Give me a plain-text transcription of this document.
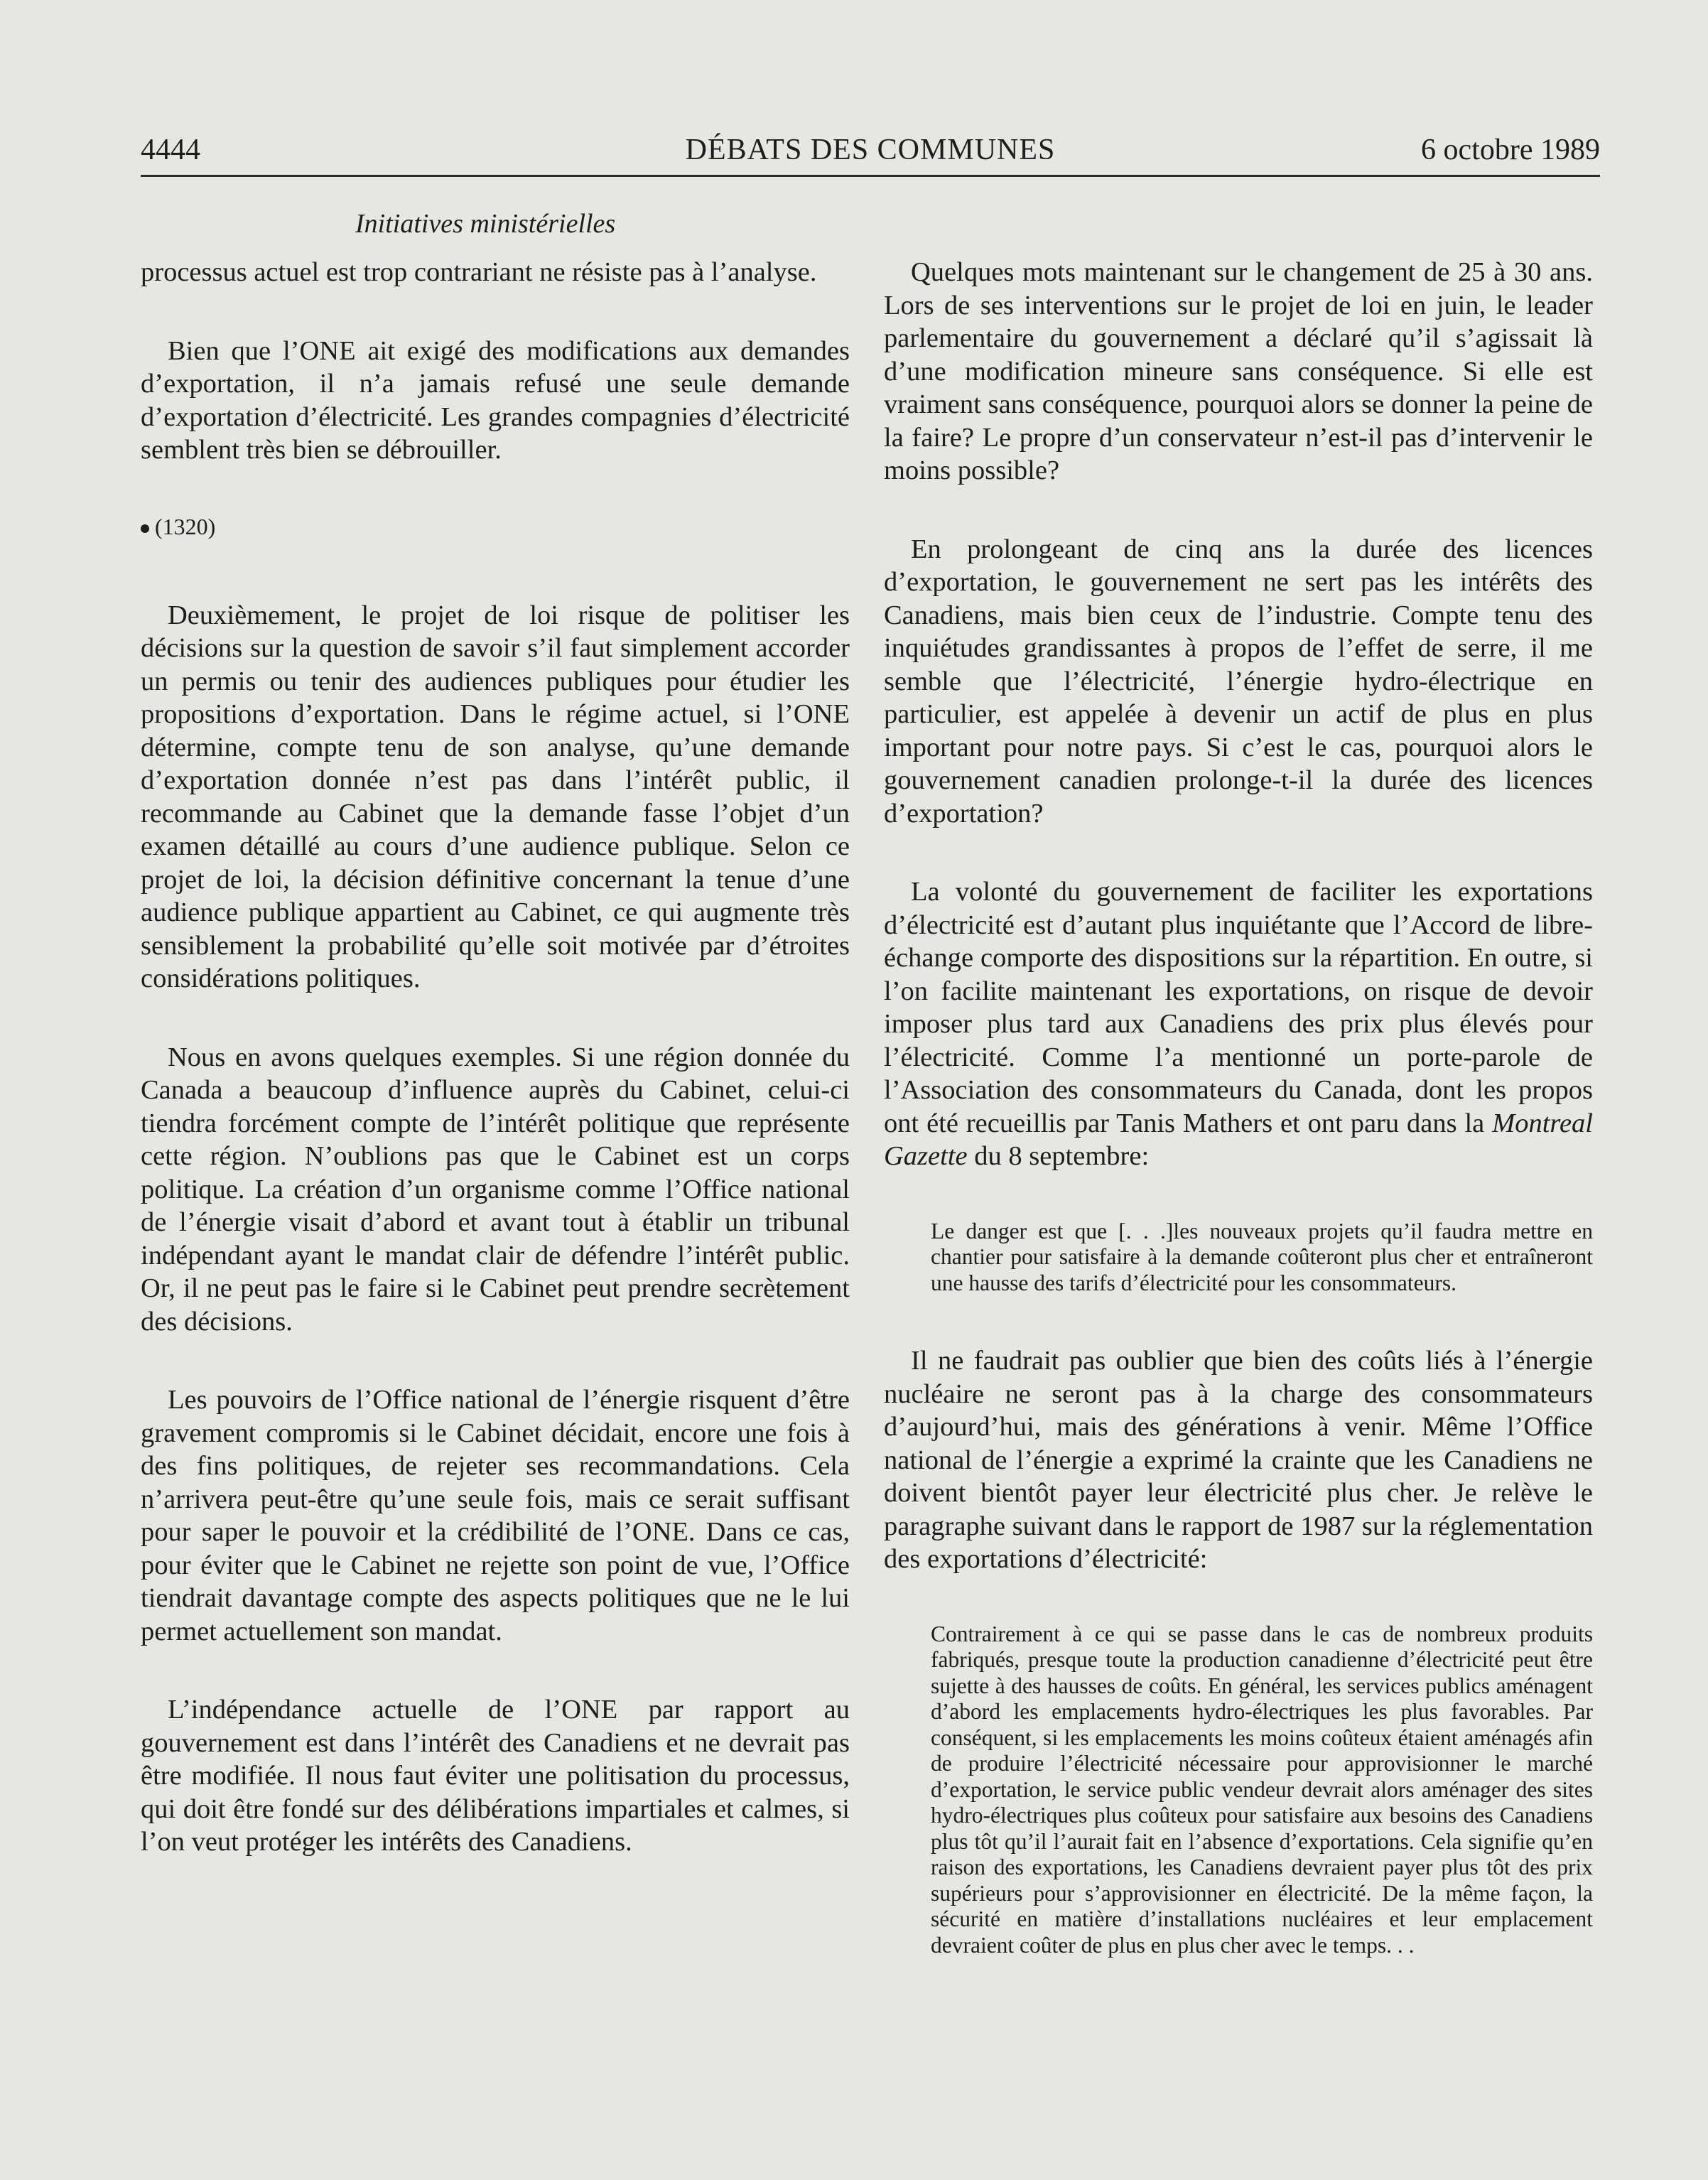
4444	DÉBATS DES COMMUNES	6 octobre 1989
Initiatives ministérielles

processus actuel est trop contrariant ne résiste pas à l’analyse.

Bien que l’ONE ait exigé des modifications aux demandes d’exportation, il n’a jamais refusé une seule demande d’exportation d’électricité. Les grandes compagnies d’électricité semblent très bien se débrouiller.

(1320)

Deuxièmement, le projet de loi risque de politiser les décisions sur la question de savoir s’il faut simplement accorder un permis ou tenir des audiences publiques pour étudier les propositions d’exportation. Dans le régime actuel, si l’ONE détermine, compte tenu de son analyse, qu’une demande d’exportation donnée n’est pas dans l’intérêt public, il recommande au Cabinet que la demande fasse l’objet d’un examen détaillé au cours d’une audience publique. Selon ce projet de loi, la décision définitive concernant la tenue d’une audience publique appartient au Cabinet, ce qui augmente très sensiblement la probabilité qu’elle soit motivée par d’étroites considérations politiques.

Nous en avons quelques exemples. Si une région donnée du Canada a beaucoup d’influence auprès du Cabinet, celui-ci tiendra forcément compte de l’intérêt politique que représente cette région. N’oublions pas que le Cabinet est un corps politique. La création d’un organisme comme l’Office national de l’énergie visait d’abord et avant tout à établir un tribunal indépendant ayant le mandat clair de défendre l’intérêt public. Or, il ne peut pas le faire si le Cabinet peut prendre secrètement des décisions.

Les pouvoirs de l’Office national de l’énergie risquent d’être gravement compromis si le Cabinet décidait, encore une fois à des fins politiques, de rejeter ses recommandations. Cela n’arrivera peut-être qu’une seule fois, mais ce serait suffisant pour saper le pouvoir et la crédibilité de l’ONE. Dans ce cas, pour éviter que le Cabinet ne rejette son point de vue, l’Office tiendrait davantage compte des aspects politiques que ne le lui permet actuellement son mandat.

L’indépendance actuelle de l’ONE par rapport au gouvernement est dans l’intérêt des Canadiens et ne devrait pas être modifiée. Il nous faut éviter une politisation du processus, qui doit être fondé sur des délibérations impartiales et calmes, si l’on veut protéger les intérêts des Canadiens.

Quelques mots maintenant sur le changement de 25 à 30 ans. Lors de ses interventions sur le projet de loi en juin, le leader parlementaire du gouvernement a déclaré qu’il s’agissait là d’une modification mineure sans conséquence. Si elle est vraiment sans conséquence, pourquoi alors se donner la peine de la faire? Le propre d’un conservateur n’est-il pas d’intervenir le moins possible?

En prolongeant de cinq ans la durée des licences d’exportation, le gouvernement ne sert pas les intérêts des Canadiens, mais bien ceux de l’industrie. Compte tenu des inquiétudes grandissantes à propos de l’effet de serre, il me semble que l’électricité, l’énergie hydro-électrique en particulier, est appelée à devenir un actif de plus en plus important pour notre pays. Si c’est le cas, pourquoi alors le gouvernement canadien prolonge-t-il la durée des licences d’exportation?

La volonté du gouvernement de faciliter les exportations d’électricité est d’autant plus inquiétante que l’Accord de libre-échange comporte des dispositions sur la répartition. En outre, si l’on facilite maintenant les exportations, on risque de devoir imposer plus tard aux Canadiens des prix plus élevés pour l’électricité. Comme l’a mentionné un porte-parole de l’Association des consommateurs du Canada, dont les propos ont été recueillis par Tanis Mathers et ont paru dans la Montreal Gazette du 8 septembre:

Le danger est que [. . .]les nouveaux projets qu’il faudra mettre en chantier pour satisfaire à la demande coûteront plus cher et entraîneront une hausse des tarifs d’électricité pour les consommateurs.

Il ne faudrait pas oublier que bien des coûts liés à l’énergie nucléaire ne seront pas à la charge des consommateurs d’aujourd’hui, mais des générations à venir. Même l’Office national de l’énergie a exprimé la crainte que les Canadiens ne doivent bientôt payer leur électricité plus cher. Je relève le paragraphe suivant dans le rapport de 1987 sur la réglementation des exportations d’électricité:

Contrairement à ce qui se passe dans le cas de nombreux produits fabriqués, presque toute la production canadienne d’électricité peut être sujette à des hausses de coûts. En général, les services publics aménagent d’abord les emplacements hydro-électriques les plus favorables. Par conséquent, si les emplacements les moins coûteux étaient aménagés afin de produire l’électricité nécessaire pour approvisionner le marché d’exportation, le service public vendeur devrait alors aménager des sites hydro-électriques plus coûteux pour satisfaire aux besoins des Canadiens plus tôt qu’il l’aurait fait en l’absence d’exportations. Cela signifie qu’en raison des exportations, les Canadiens devraient payer plus tôt des prix supérieurs pour s’approvisionner en électricité. De la même façon, la sécurité en matière d’installations nucléaires et leur emplacement devraient coûter de plus en plus cher avec le temps. . .
